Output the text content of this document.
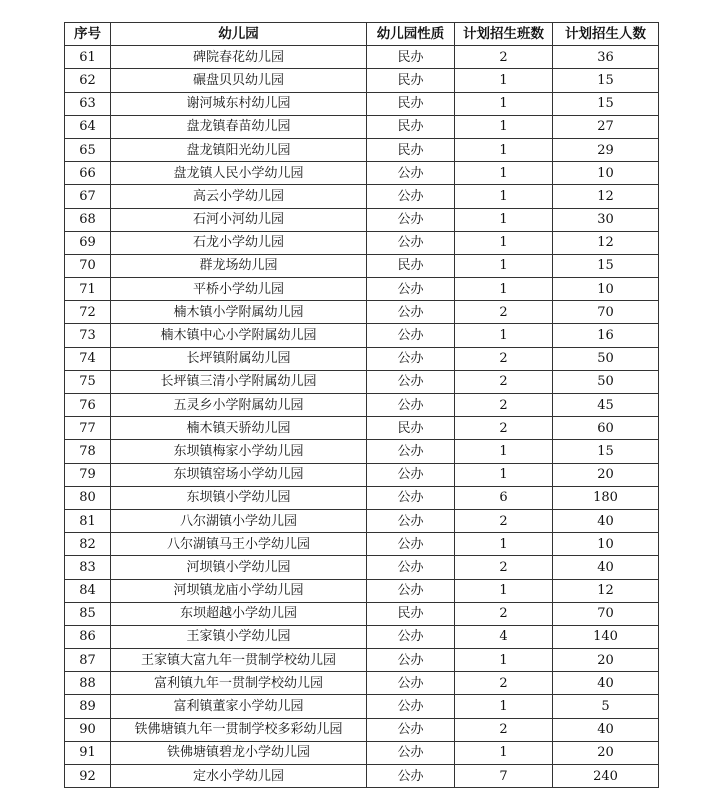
序号	幼儿园	幼儿园性质	计划招生班数	计划招生人数
61	碑院春花幼儿园	民办	2	36
62	碾盘贝贝幼儿园	民办	1	15
63	谢河城东村幼儿园	民办	1	15
64	盘龙镇春苗幼儿园	民办	1	27
65	盘龙镇阳光幼儿园	民办	1	29
66	盘龙镇人民小学幼儿园	公办	1	10
67	高云小学幼儿园	公办	1	12
68	石河小河幼儿园	公办	1	30
69	石龙小学幼儿园	公办	1	12
70	群龙场幼儿园	民办	1	15
71	平桥小学幼儿园	公办	1	10
72	楠木镇小学附属幼儿园	公办	2	70
73	楠木镇中心小学附属幼儿园	公办	1	16
74	长坪镇附属幼儿园	公办	2	50
75	长坪镇三清小学附属幼儿园	公办	2	50
76	五灵乡小学附属幼儿园	公办	2	45
77	楠木镇天骄幼儿园	民办	2	60
78	东坝镇梅家小学幼儿园	公办	1	15
79	东坝镇窑场小学幼儿园	公办	1	20
80	东坝镇小学幼儿园	公办	6	180
81	八尔湖镇小学幼儿园	公办	2	40
82	八尔湖镇马王小学幼儿园	公办	1	10
83	河坝镇小学幼儿园	公办	2	40
84	河坝镇龙庙小学幼儿园	公办	1	12
85	东坝超越小学幼儿园	民办	2	70
86	王家镇小学幼儿园	公办	4	140
87	王家镇大富九年一贯制学校幼儿园	公办	1	20
88	富利镇九年一贯制学校幼儿园	公办	2	40
89	富利镇董家小学幼儿园	公办	1	5
90	铁佛塘镇九年一贯制学校多彩幼儿园	公办	2	40
91	铁佛塘镇碧龙小学幼儿园	公办	1	20
92	定水小学幼儿园	公办	7	240
